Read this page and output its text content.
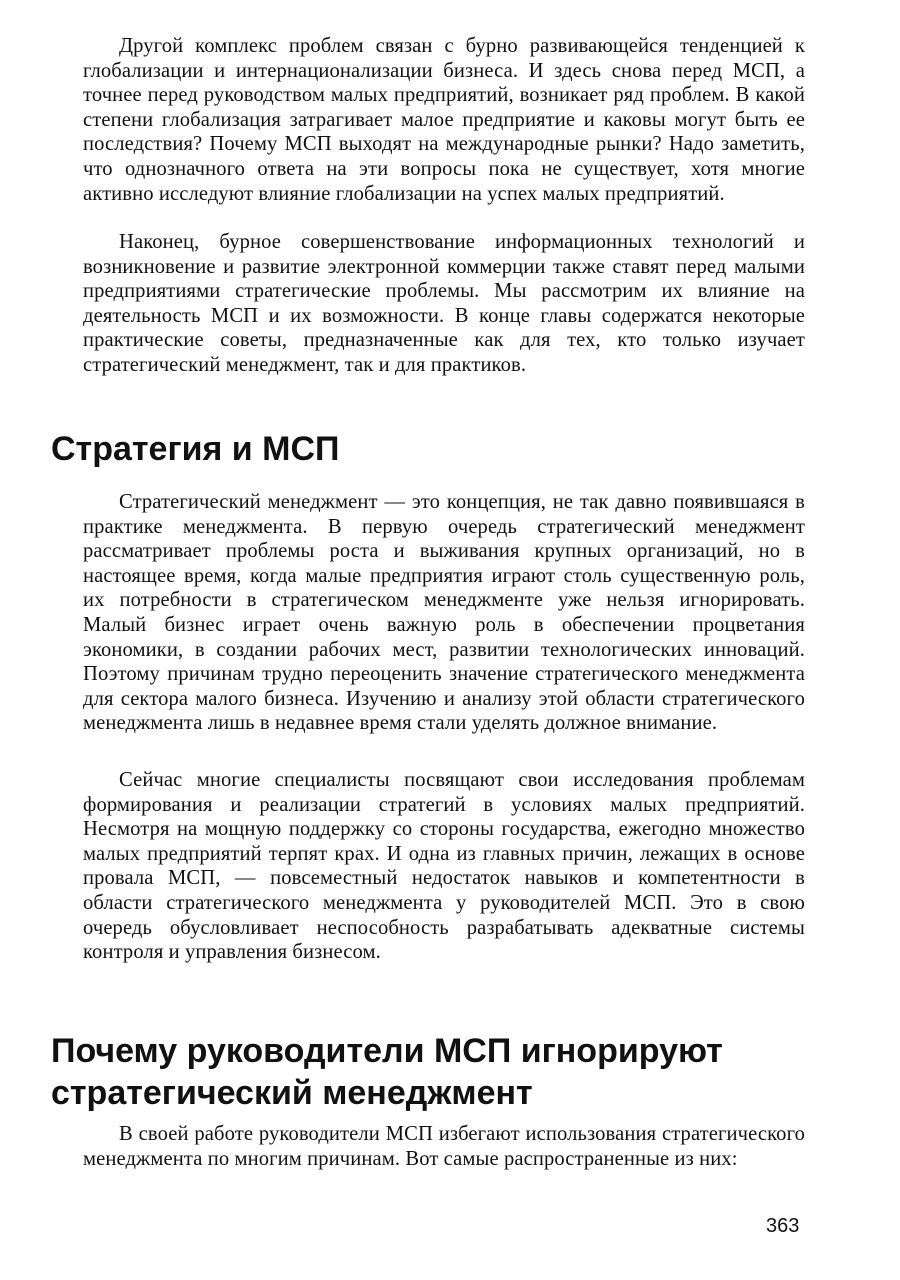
Другой комплекс проблем связан с бурно развивающейся тенденцией к глобализации и интернационализации бизнеса. И здесь снова перед МСП, а точнее перед руководством малых предприятий, возникает ряд проблем. В какой степени глобализация затрагивает малое предприятие и каковы могут быть ее последствия? Почему МСП выходят на международные рынки? Надо заметить, что однозначного ответа на эти вопросы пока не существует, хотя многие активно исследуют влияние глобализации на успех малых предприятий.

Наконец, бурное совершенствование информационных технологий и возникновение и развитие электронной коммерции также ставят перед малыми предприятиями стратегические проблемы. Мы рассмотрим их влияние на деятельность МСП и их возможности. В конце главы содержатся некоторые практические советы, предназначенные как для тех, кто только изучает стратегический менеджмент, так и для практиков.

Стратегия и МСП

Стратегический менеджмент — это концепция, не так давно появившаяся в практике менеджмента. В первую очередь стратегический менеджмент рассматривает проблемы роста и выживания крупных организаций, но в настоящее время, когда малые предприятия играют столь существенную роль, их потребности в стратегическом менеджменте уже нельзя игнорировать. Малый бизнес играет очень важную роль в обеспечении процветания экономики, в создании рабочих мест, развитии технологических инноваций. Поэтому причинам трудно переоценить значение стратегического менеджмента для сектора малого бизнеса. Изучению и анализу этой области стратегического менеджмента лишь в недавнее время стали уделять должное внимание.

Сейчас многие специалисты посвящают свои исследования проблемам формирования и реализации стратегий в условиях малых предприятий. Несмотря на мощную поддержку со стороны государства, ежегодно множество малых предприятий терпят крах. И одна из главных причин, лежащих в основе провала МСП, — повсеместный недостаток навыков и компетентности в области стратегического менеджмента у руководителей МСП. Это в свою очередь обусловливает неспособность разрабатывать адекватные системы контроля и управления бизнесом.

Почему руководители МСП игнорируют стратегический менеджмент

В своей работе руководители МСП избегают использования стратегического менеджмента по многим причинам. Вот самые распространенные из них:

363
